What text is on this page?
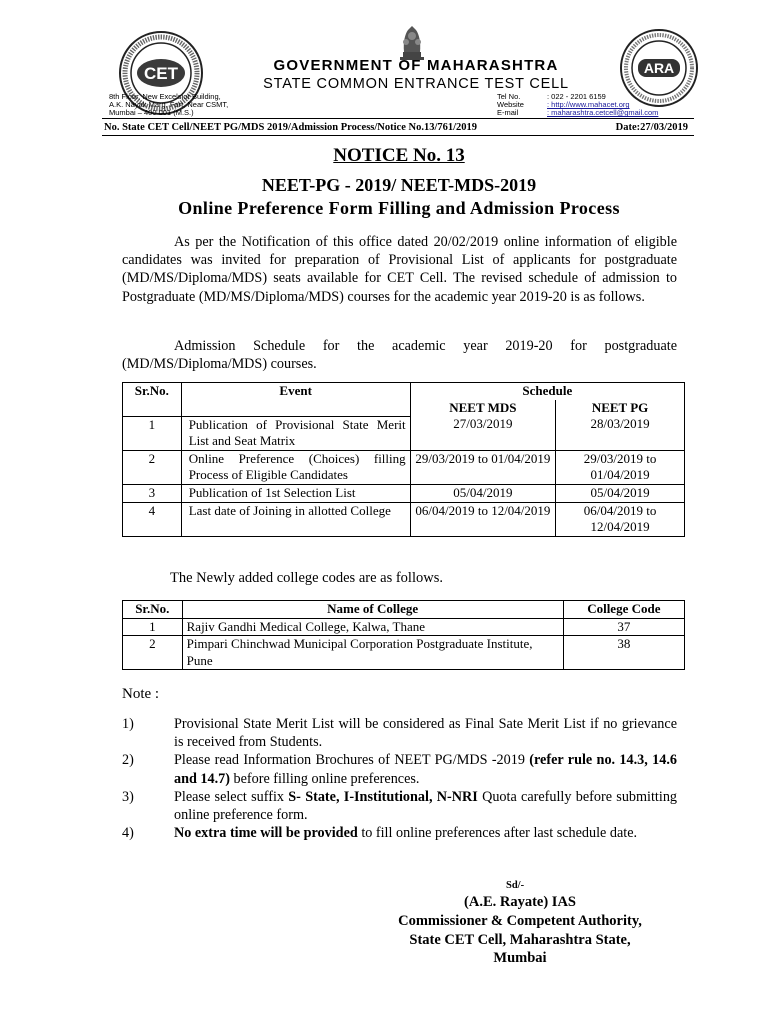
CET	GOVERNMENT OF MAHARASHTRA
STATE COMMON ENTRANCE TEST CELL
8th Floor, New Excelsior Building,
A.K. Nayak Marg, Fort, Near CSMT,
Mumbai – 400 001 (M.S.)
Tel No.	: 022 - 2201 6159
Website	: http://www.mahacet.org
E-mail	: maharashtra.cetcell@gmail.com
ARA
No. State CET Cell/NEET PG/MDS 2019/Admission Process/Notice No.13/761/2019	Date:27/03/2019
NOTICE No. 13
NEET-PG - 2019/ NEET-MDS-2019
Online Preference Form Filling and Admission Process
As per the Notification of this office dated 20/02/2019 online information of eligible candidates was invited for preparation of Provisional List of applicants for postgraduate (MD/MS/Diploma/MDS) seats available for CET Cell. The revised schedule of admission to Postgraduate (MD/MS/Diploma/MDS) courses for the academic year 2019-20 is as follows.
Admission Schedule for the academic year 2019-20 for postgraduate (MD/MS/Diploma/MDS) courses.
Sr.No.	Event	Schedule	
		NEET MDS	NEET PG
1	Publication of Provisional State Merit List and Seat Matrix	27/03/2019	28/03/2019
2	Online Preference (Choices) filling Process of Eligible Candidates	29/03/2019 to 01/04/2019	29/03/2019 to 01/04/2019
3	Publication of 1st Selection List	05/04/2019	05/04/2019
4	Last date of Joining in allotted College	06/04/2019 to 12/04/2019	06/04/2019 to 12/04/2019
The Newly added college codes are as follows.
Sr.No.	Name of College	College Code
1	Rajiv Gandhi Medical College, Kalwa, Thane	37
2	Pimpari Chinchwad Municipal Corporation Postgraduate Institute, Pune	38
Note :
1)	Provisional State Merit List will be considered as Final Sate Merit List if no grievance is received from Students.
2)	Please read Information Brochures of NEET PG/MDS -2019 (refer rule no. 14.3, 14.6 and 14.7) before filling online preferences.
3)	Please select suffix S- State, I-Institutional, N-NRI Quota carefully before submitting online preference form.
4)	No extra time will be provided to fill online preferences after last schedule date.
Sd/-
(A.E. Rayate) IAS
Commissioner & Competent Authority,
State CET Cell, Maharashtra State,
Mumbai
